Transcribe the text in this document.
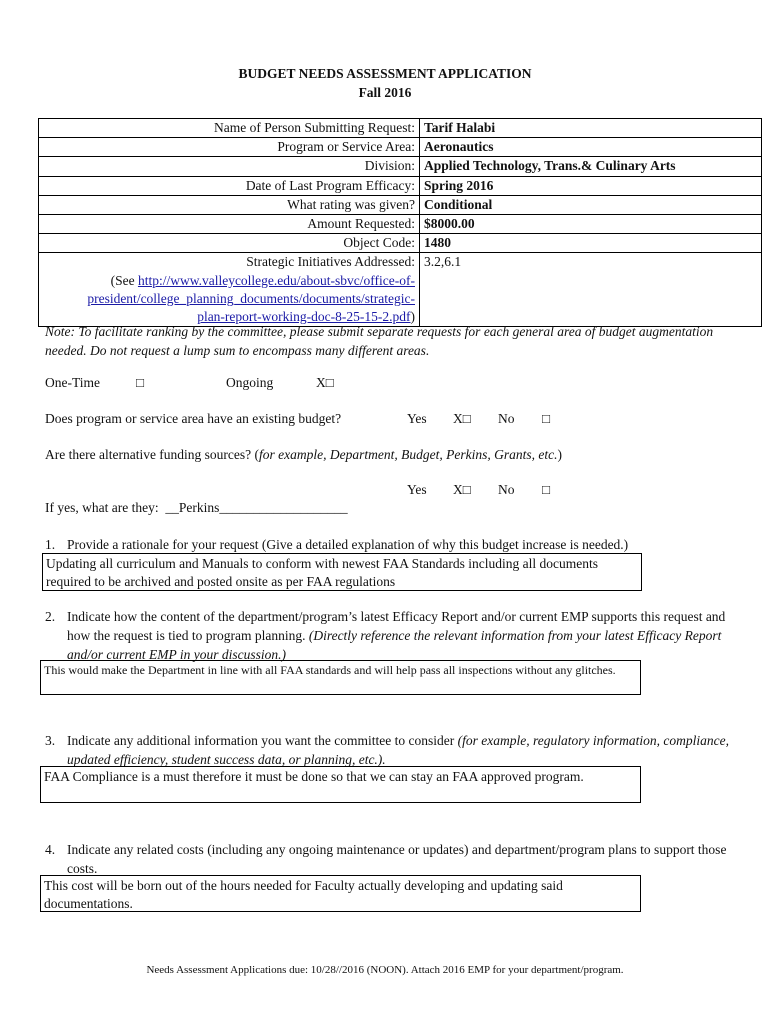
BUDGET NEEDS ASSESSMENT APPLICATION
Fall 2016
Name of Person Submitting Request:	Tarif Halabi
Program or Service Area:	Aeronautics
Division:	Applied Technology, Trans.& Culinary Arts
Date of Last Program Efficacy:	Spring 2016
What rating was given?	Conditional
Amount Requested:	$8000.00
Object Code:	1480

Strategic Initiatives Addressed:
(See http://www.valleycollege.edu/about-sbvc/office-of-
president/college_planning_documents/documents/strategic-
plan-report-working-doc-8-25-15-2.pdf)	3.2,6.1
Note: To facilitate ranking by the committee, please submit separate requests for each general area of budget augmentation needed. Do not request a lump sum to encompass many different areas.
One-Time	□	Ongoing	X□
Does program or service area have an existing budget?	Yes X□ No □
Are there alternative funding sources? (for example, Department, Budget, Perkins, Grants, etc.)
Yes X□ No □
If yes, what are they: __Perkins___________________
1. Provide a rationale for your request (Give a detailed explanation of why this budget increase is needed.)
Updating all curriculum and Manuals to conform with newest FAA Standards including all documents required to be archived and posted onsite as per FAA regulations
2. Indicate how the content of the department/program’s latest Efficacy Report and/or current EMP supports this request and how the request is tied to program planning. (Directly reference the relevant information from your latest Efficacy Report and/or current EMP in your discussion.)
This would make the Department in line with all FAA standards and will help pass all inspections without any glitches.
3. Indicate any additional information you want the committee to consider (for example, regulatory information, compliance, updated efficiency, student success data, or planning, etc.).
FAA Compliance is a must therefore it must be done so that we can stay an FAA approved program.
4. Indicate any related costs (including any ongoing maintenance or updates) and department/program plans to support those costs.
This cost will be born out of the hours needed for Faculty actually developing and updating said documentations.
Needs Assessment Applications due: 10/28//2016 (NOON). Attach 2016 EMP for your department/program.
